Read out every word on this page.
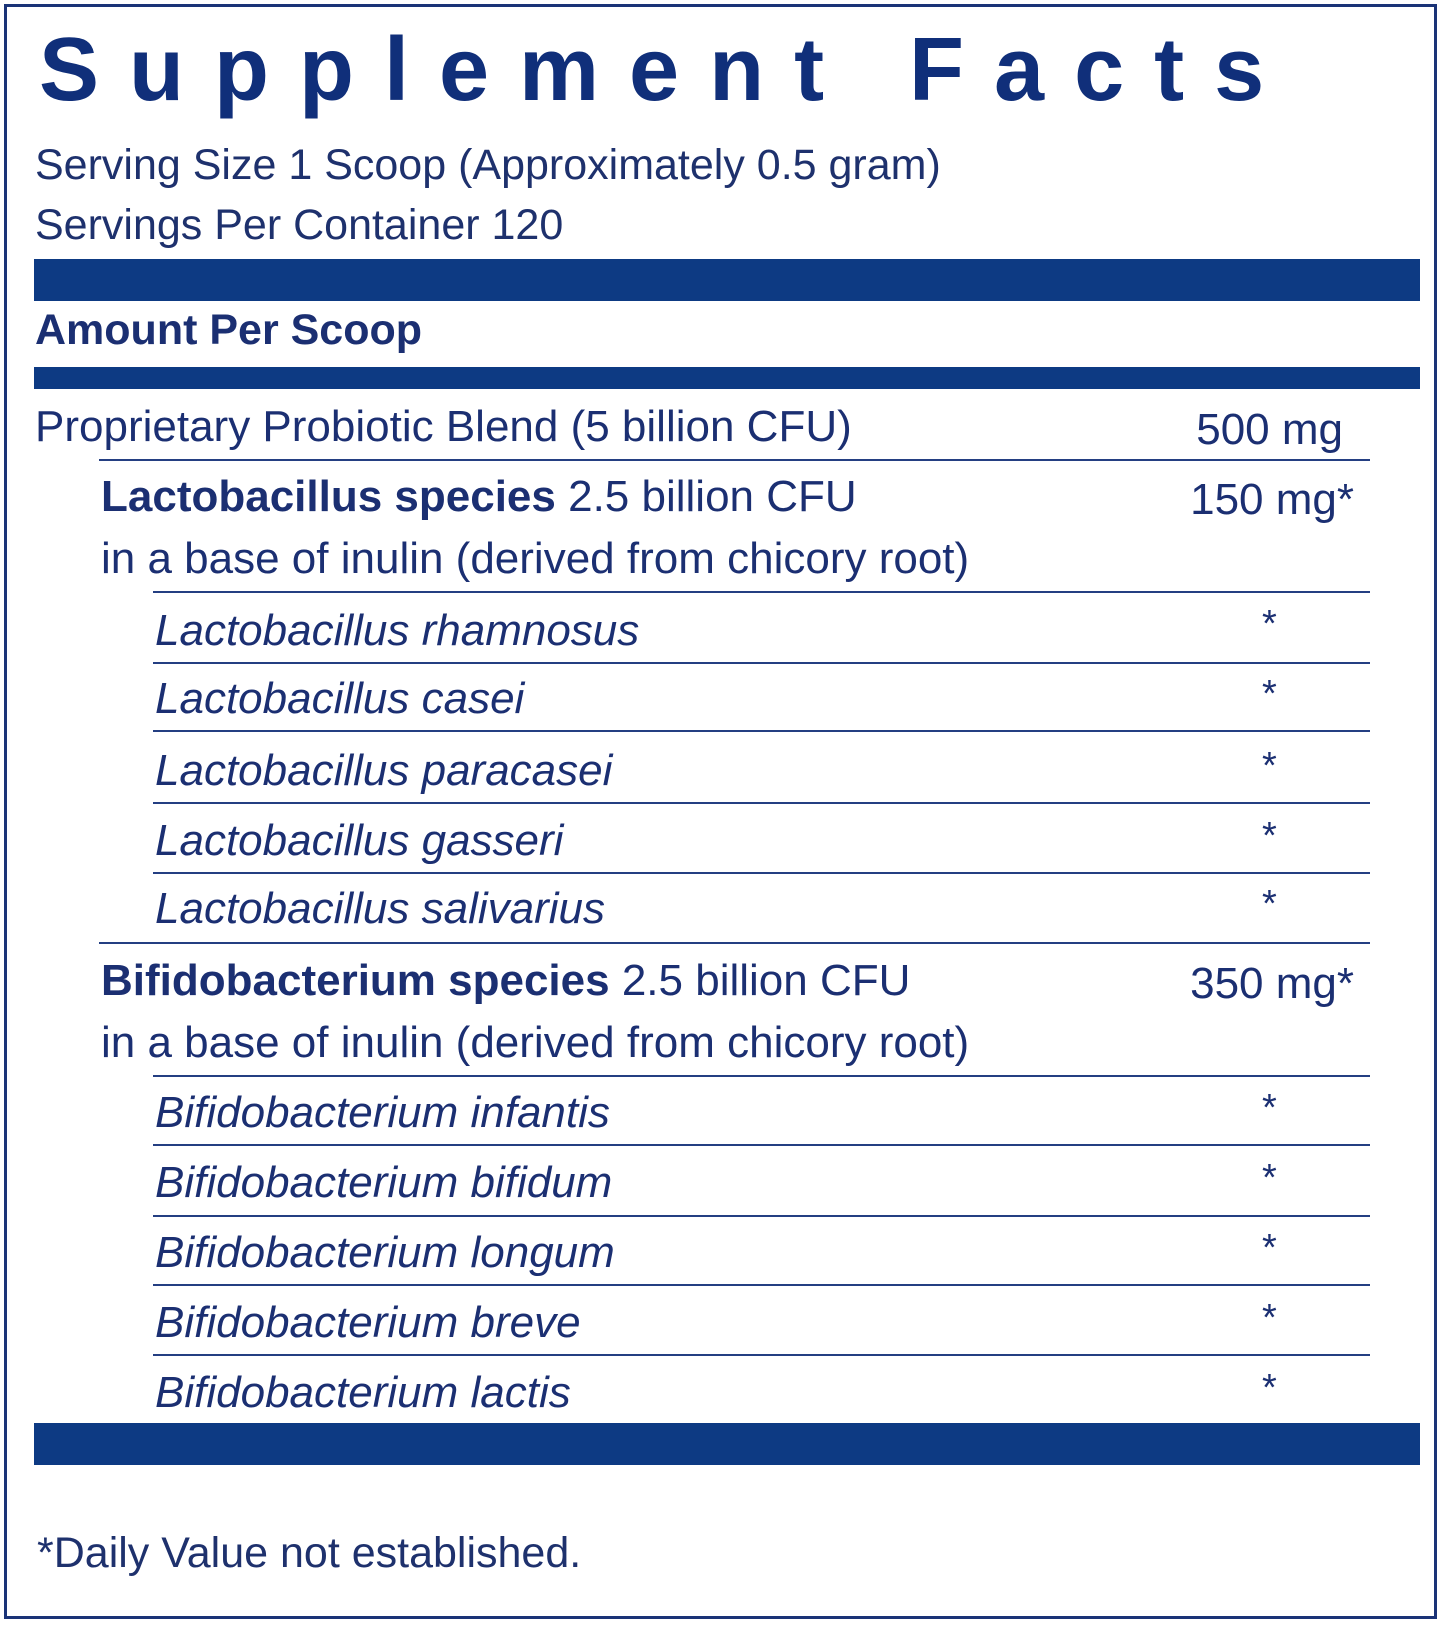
Supplement Facts
Serving Size 1 Scoop (Approximately 0.5 gram)
Servings Per Container 120
Amount Per Scoop
Proprietary Probiotic Blend (5 billion CFU)	500 mg
Lactobacillus species 2.5 billion CFU	150 mg*
in a base of inulin (derived from chicory root)
Lactobacillus rhamnosus	*
Lactobacillus casei	*
Lactobacillus paracasei	*
Lactobacillus gasseri	*
Lactobacillus salivarius	*
Bifidobacterium species 2.5 billion CFU	350 mg*
in a base of inulin (derived from chicory root)
Bifidobacterium infantis	*
Bifidobacterium bifidum	*
Bifidobacterium longum	*
Bifidobacterium breve	*
Bifidobacterium lactis	*
*Daily Value not established.
